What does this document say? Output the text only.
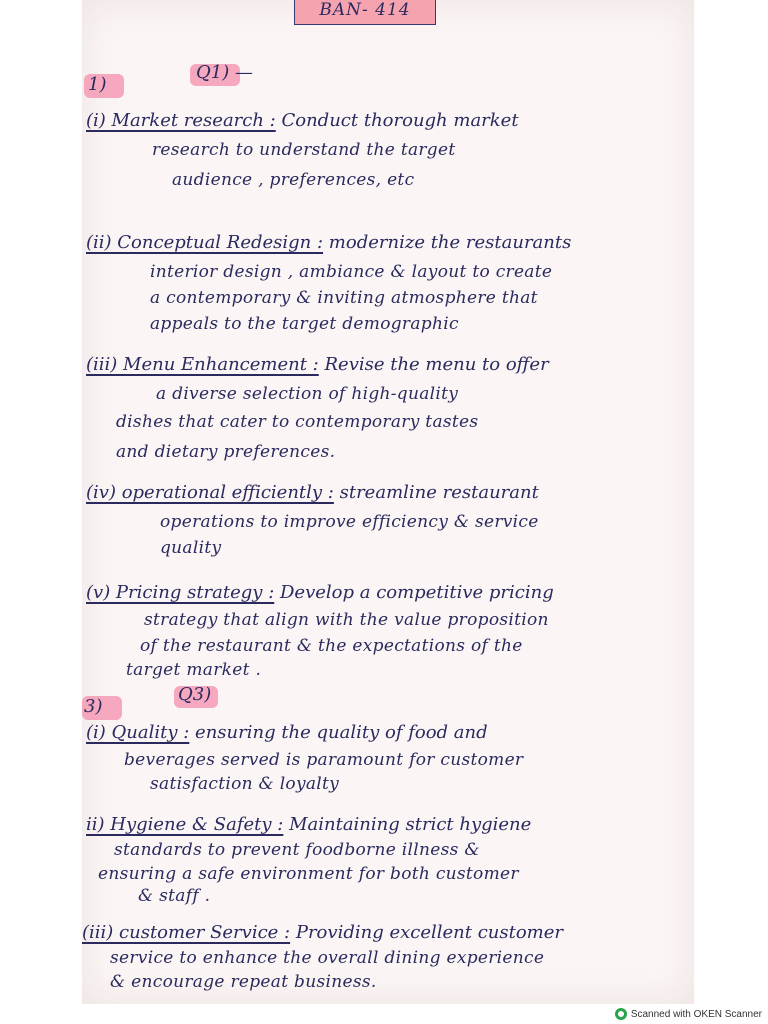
BAN- 414
1)
Q1) —
(i) Market research : Conduct thorough market
research to understand the target
audience , preferences, etc
(ii) Conceptual Redesign : modernize the restaurants
interior design , ambiance & layout to create
a contemporary & inviting atmosphere that
appeals to the target demographic
(iii) Menu Enhancement : Revise the menu to offer
a diverse selection of high-quality
dishes that cater to contemporary tastes
and dietary preferences.
(iv) operational efficiently : streamline restaurant
operations to improve efficiency & service
quality
(v) Pricing strategy : Develop a competitive pricing
strategy that align with the value proposition
of the restaurant & the expectations of the
target market .
3)
Q3)
(i) Quality : ensuring the quality of food and
beverages served is paramount for customer
satisfaction & loyalty
ii) Hygiene & Safety : Maintaining strict hygiene
standards to prevent foodborne illness &
ensuring a safe environment for both customer
& staff .
(iii) customer Service : Providing excellent customer
service to enhance the overall dining experience
& encourage repeat business.
Scanned with OKEN Scanner
